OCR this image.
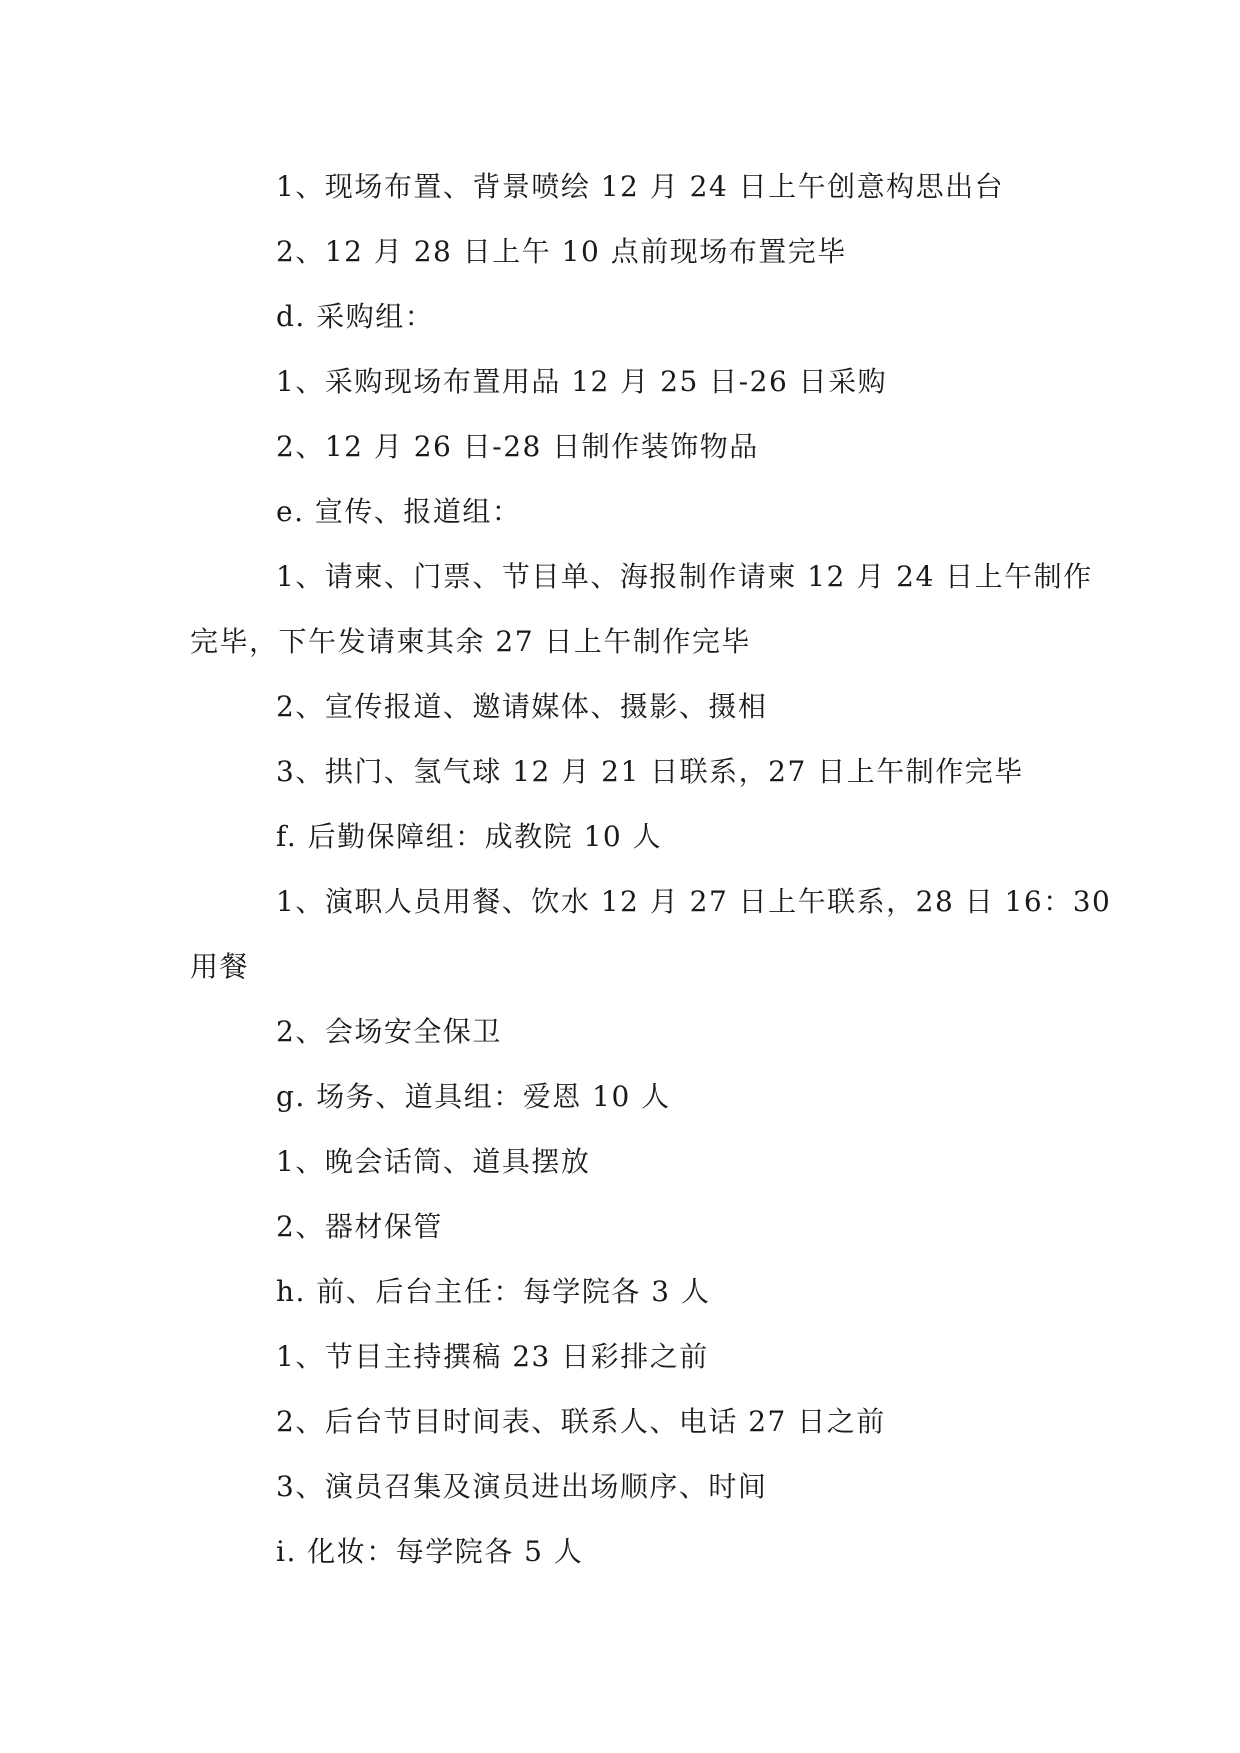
1、现场布置、背景喷绘 12 月 24 日上午创意构思出台
2、12 月 28 日上午 10 点前现场布置完毕
d. 采购组：
1、采购现场布置用品 12 月 25 日-26 日采购
2、12 月 26 日-28 日制作装饰物品
e. 宣传、报道组：
1、请柬、门票、节目单、海报制作请柬 12 月 24 日上午制作
完毕，下午发请柬其余 27 日上午制作完毕
2、宣传报道、邀请媒体、摄影、摄相
3、拱门、氢气球 12 月 21 日联系，27 日上午制作完毕
f. 后勤保障组：成教院 10 人
1、演职人员用餐、饮水 12 月 27 日上午联系，28 日 16：30
用餐
2、会场安全保卫
g. 场务、道具组：爱恩 10 人
1、晚会话筒、道具摆放
2、器材保管
h. 前、后台主任：每学院各 3 人
1、节目主持撰稿 23 日彩排之前
2、后台节目时间表、联系人、电话 27 日之前
3、演员召集及演员进出场顺序、时间
i. 化妆：每学院各 5 人
